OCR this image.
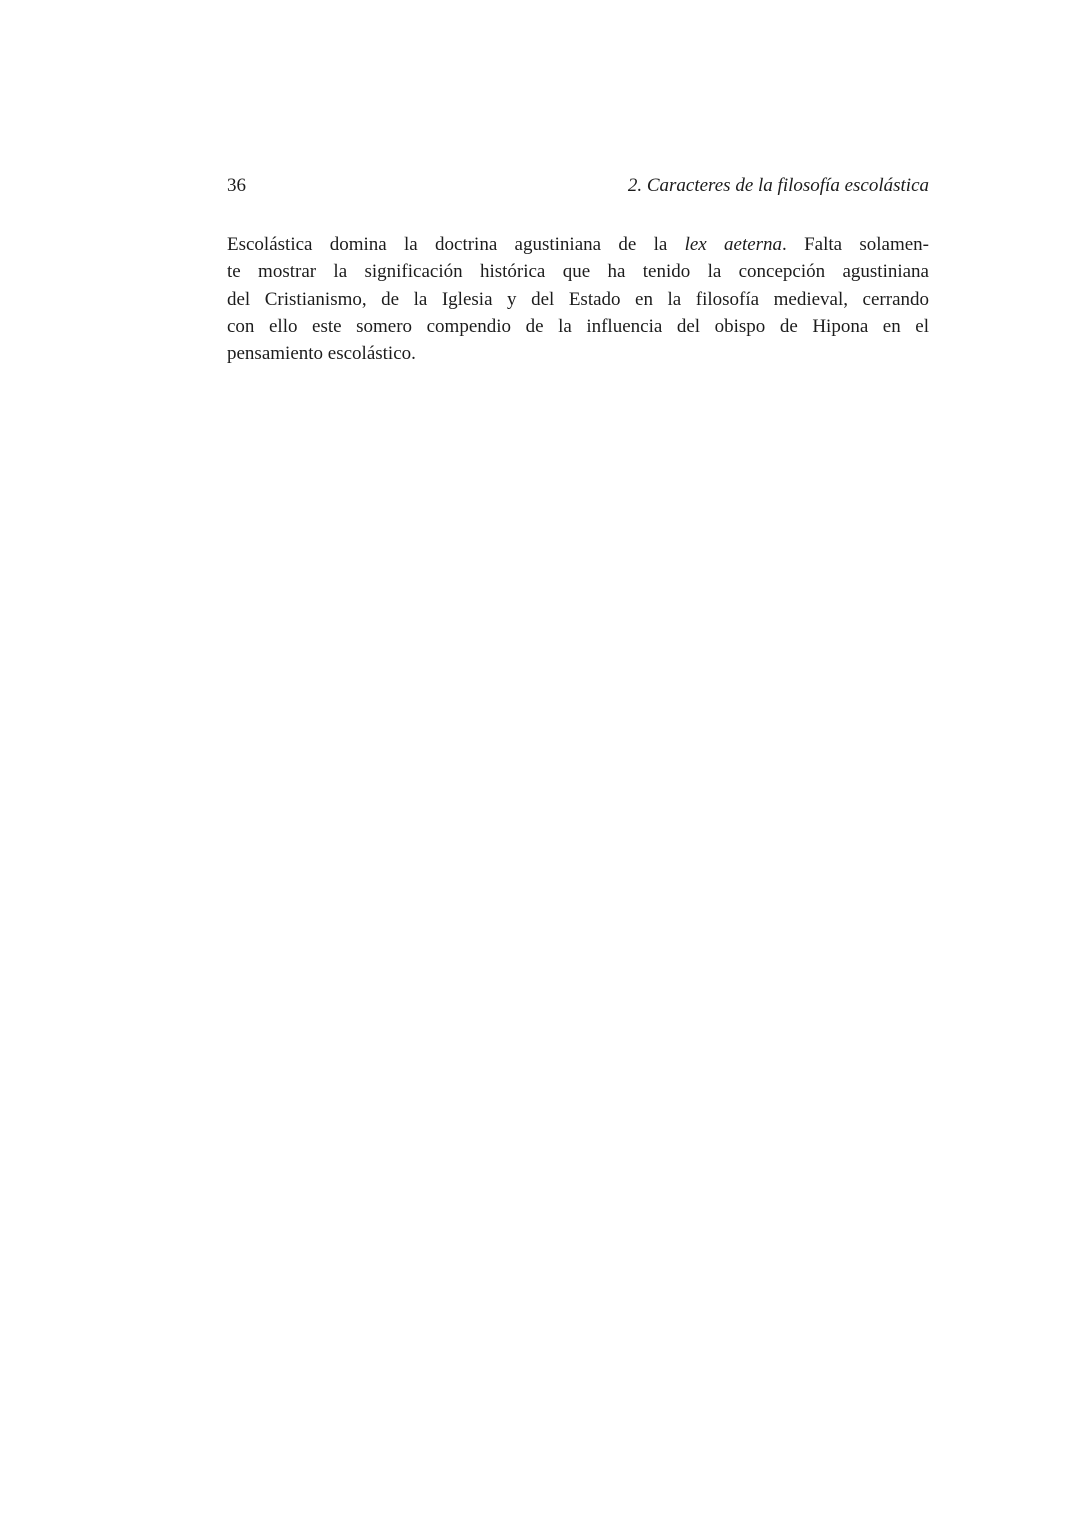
36	2. Caracteres de la filosofía escolástica
Escolástica domina la doctrina agustiniana de la lex aeterna. Falta solamen-
te mostrar la significación histórica que ha tenido la concepción agustiniana
del Cristianismo, de la Iglesia y del Estado en la filosofía medieval, cerrando
con ello este somero compendio de la influencia del obispo de Hipona en el
pensamiento escolástico.
